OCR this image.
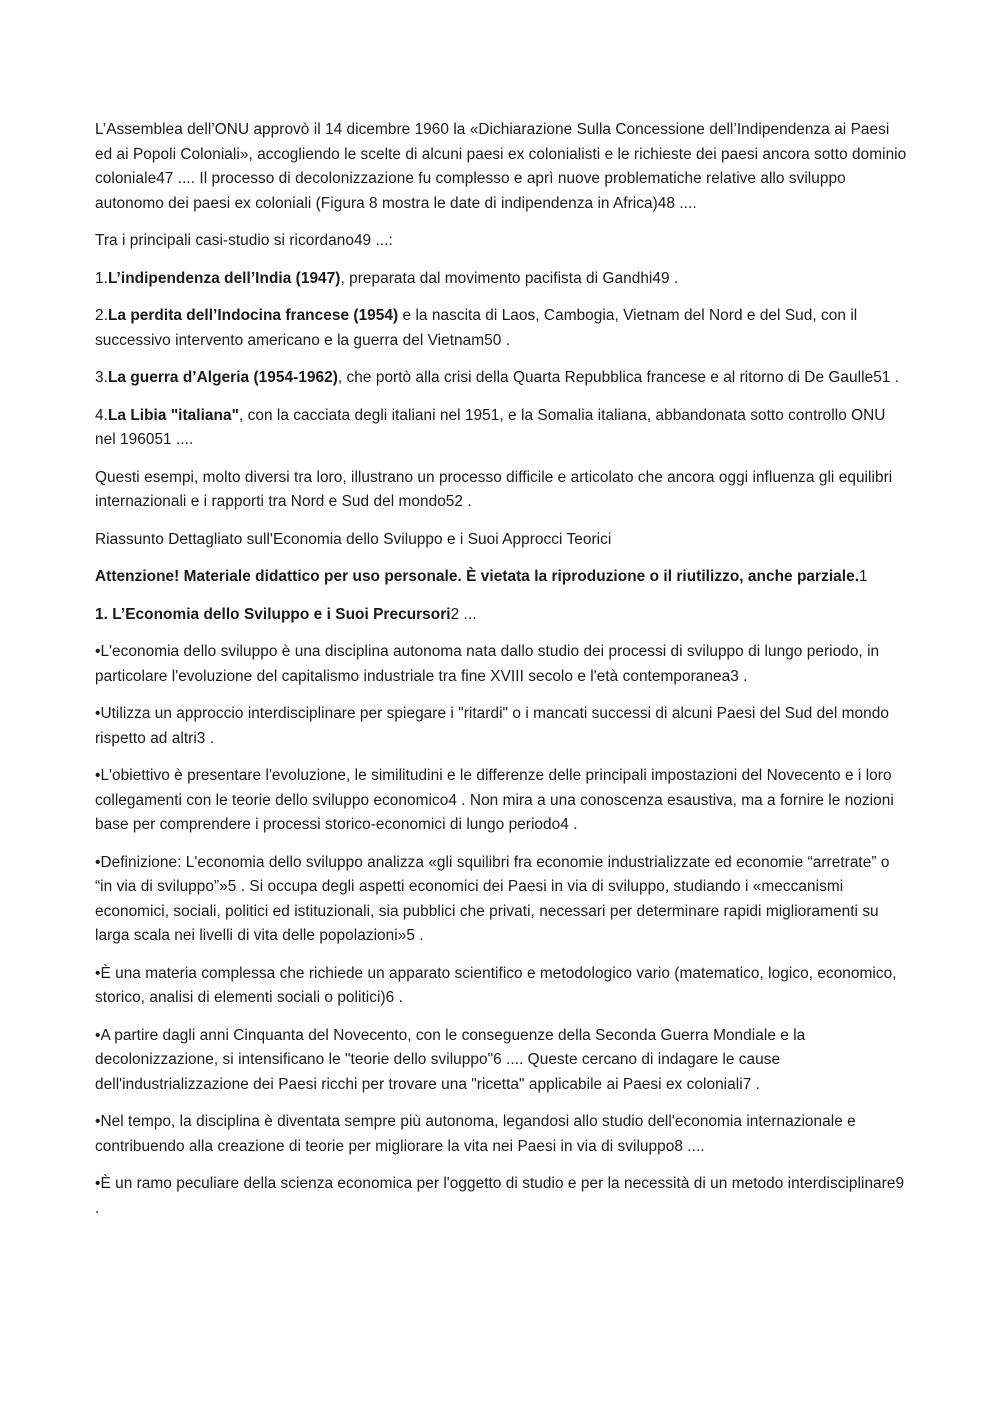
L’Assemblea dell’ONU approvò il 14 dicembre 1960 la «Dichiarazione Sulla Concessione dell’Indipendenza ai Paesi ed ai Popoli Coloniali», accogliendo le scelte di alcuni paesi ex colonialisti e le richieste dei paesi ancora sotto dominio coloniale47 .... Il processo di decolonizzazione fu complesso e aprì nuove problematiche relative allo sviluppo autonomo dei paesi ex coloniali (Figura 8 mostra le date di indipendenza in Africa)48 ....

Tra i principali casi-studio si ricordano49 ...:

1.L’indipendenza dell’India (1947), preparata dal movimento pacifista di Gandhi49 .

2.La perdita dell’Indocina francese (1954) e la nascita di Laos, Cambogia, Vietnam del Nord e del Sud, con il successivo intervento americano e la guerra del Vietnam50 .

3.La guerra d’Algeria (1954-1962), che portò alla crisi della Quarta Repubblica francese e al ritorno di De Gaulle51 .

4.La Libia "italiana", con la cacciata degli italiani nel 1951, e la Somalia italiana, abbandonata sotto controllo ONU nel 196051 ....

Questi esempi, molto diversi tra loro, illustrano un processo difficile e articolato che ancora oggi influenza gli equilibri internazionali e i rapporti tra Nord e Sud del mondo52 .

Riassunto Dettagliato sull'Economia dello Sviluppo e i Suoi Approcci Teorici

Attenzione! Materiale didattico per uso personale. È vietata la riproduzione o il riutilizzo, anche parziale.1

1. L’Economia dello Sviluppo e i Suoi Precursori2 ...

•L'economia dello sviluppo è una disciplina autonoma nata dallo studio dei processi di sviluppo di lungo periodo, in particolare l'evoluzione del capitalismo industriale tra fine XVIII secolo e l'età contemporanea3 .

•Utilizza un approccio interdisciplinare per spiegare i "ritardi" o i mancati successi di alcuni Paesi del Sud del mondo rispetto ad altri3 .

•L'obiettivo è presentare l'evoluzione, le similitudini e le differenze delle principali impostazioni del Novecento e i loro collegamenti con le teorie dello sviluppo economico4 . Non mira a una conoscenza esaustiva, ma a fornire le nozioni base per comprendere i processi storico-economici di lungo periodo4 .

•Definizione: L'economia dello sviluppo analizza «gli squilibri fra economie industrializzate ed economie “arretrate” o “in via di sviluppo”»5 . Si occupa degli aspetti economici dei Paesi in via di sviluppo, studiando i «meccanismi economici, sociali, politici ed istituzionali, sia pubblici che privati, necessari per determinare rapidi miglioramenti su larga scala nei livelli di vita delle popolazioni»5 .

•È una materia complessa che richiede un apparato scientifico e metodologico vario (matematico, logico, economico, storico, analisi di elementi sociali o politici)6 .

•A partire dagli anni Cinquanta del Novecento, con le conseguenze della Seconda Guerra Mondiale e la decolonizzazione, si intensificano le "teorie dello sviluppo"6 .... Queste cercano di indagare le cause dell'industrializzazione dei Paesi ricchi per trovare una "ricetta" applicabile ai Paesi ex coloniali7 .

•Nel tempo, la disciplina è diventata sempre più autonoma, legandosi allo studio dell'economia internazionale e contribuendo alla creazione di teorie per migliorare la vita nei Paesi in via di sviluppo8 ....

•È un ramo peculiare della scienza economica per l'oggetto di studio e per la necessità di un metodo interdisciplinare9 .
